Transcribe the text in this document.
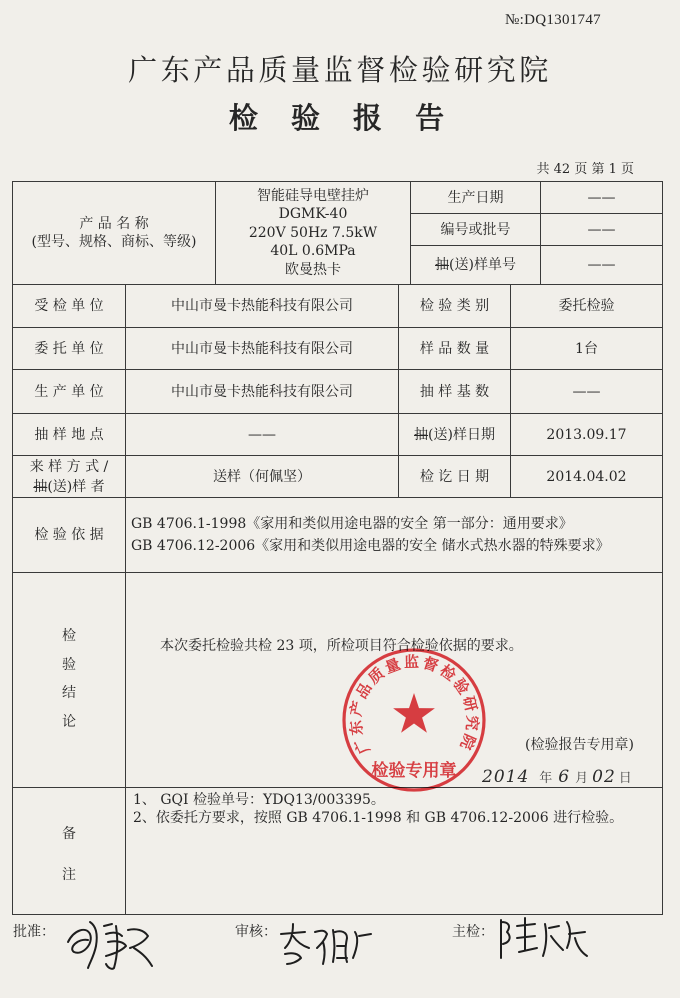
№:DQ1301747
广东产品质量监督检验研究院
检 验 报 告
共 42 页 第 1 页
产 品 名 称
(型号、规格、商标、等级)
智能硅导电壁挂炉
DGMK-40
220V 50Hz 7.5kW
40L 0.6MPa
欧曼热卡
生产日期	——
编号或批号	——
抽(送)样单号	——
受 检 单 位	中山市曼卡热能科技有限公司	检 验 类 别	委托检验
委 托 单 位	中山市曼卡热能科技有限公司	样 品 数 量	1台
生 产 单 位	中山市曼卡热能科技有限公司	抽 样 基 数	——
抽 样 地 点	——	抽(送)样日期	2013.09.17
来 样 方 式 /
抽(送)样 者
送样（何佩坚）	检 讫 日 期	2014.04.02
检 验 依 据
GB 4706.1-1998《家用和类似用途电器的安全 第一部分：通用要求》
GB 4706.12-2006《家用和类似用途电器的安全 储水式热水器的特殊要求》
检
验
结
论
本次委托检验共检 23 项，所检项目符合检验依据的要求。
(检验报告专用章)
备
注
1、 GQI 检验单号：YDQ13/003395。
2、依委托方要求，按照 GB 4706.1-1998 和 GB 4706.12-2006 进行检验。
广东产品质量监督检验研究院
检验专用章 2014 年 6 月 02 日
批准：	审核：	主检：
